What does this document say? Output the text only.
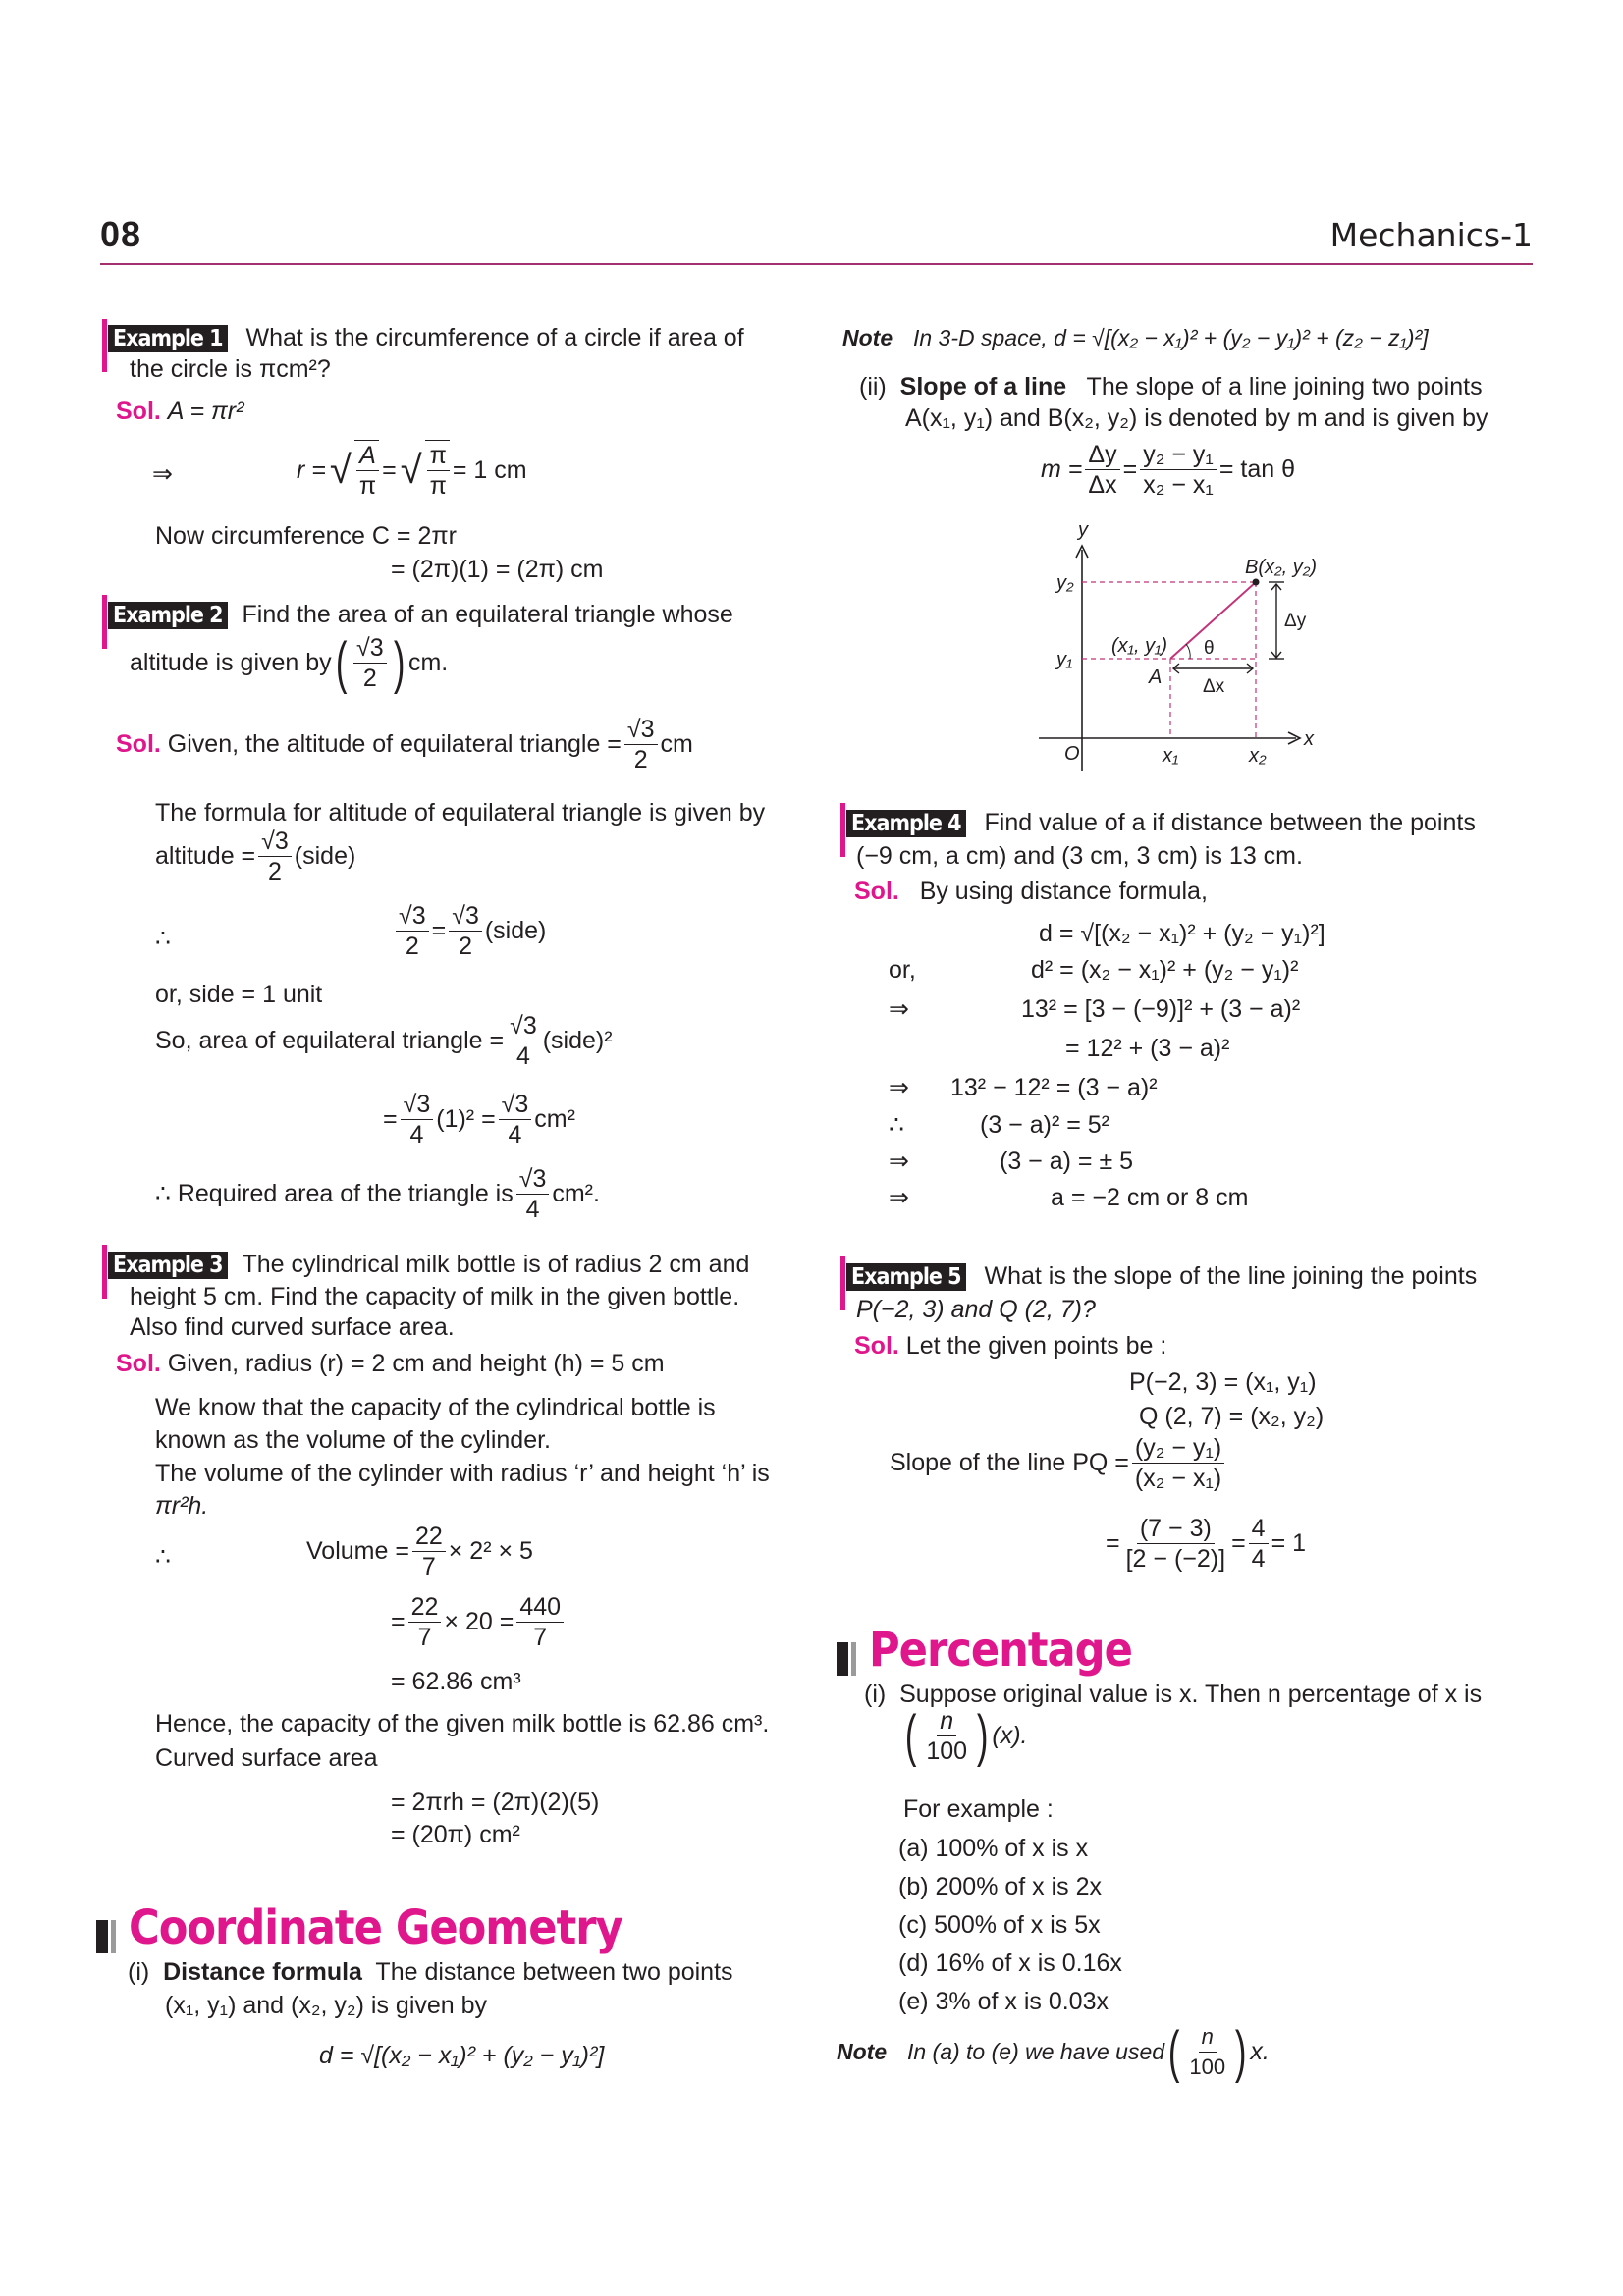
08	Mechanics-1
Example 1 What is the circumference of a circle if area of
the circle is πcm²?
Sol. A = πr²
⇒	r = √ $\frac{A}{\pi}$ = √ $\frac{\pi}{\pi} = 1$ cm
Now circumference C = 2πr
= (2π)(1) = (2π) cm
Example 2 Find the area of an equilateral triangle whose
altitude is given by ( $\frac{√3}{2}$ ) cm.
Sol.
Given, the altitude of equilateral triangle = $\frac{√3}{2}$ cm
The formula for altitude of equilateral triangle is given by
altitude = $\frac{√3}{2}$ (side)
∴	$\frac{√3}{2} = \frac{√3}{2}$ (side)
or, side = 1 unit
So, area of equilateral triangle = $\frac{√3}{4}$ (side)²
= $\frac{√3}{4} (1)^2 = \frac{√3}{4} cm^2$
∴ Required area of the triangle is $\frac{√3}{4} cm^2$.
Example 3 The cylindrical milk bottle is of radius 2 cm and
height 5 cm. Find the capacity of milk in the given bottle.
Also find curved surface area.
Sol. Given, radius (r) = 2 cm and height (h) = 5 cm
We know that the capacity of the cylindrical bottle is
known as the volume of the cylinder.
The volume of the cylinder with radius ‘r’ and height ‘h’ is
πr²h.
∴	Volume = $\frac{22}{7} \times 2^2 \times 5$
= $\frac{22}{7} \times 20 = \frac{440}{7}$
= 62.86 cm³
Hence, the capacity of the given milk bottle is 62.86 cm³.
Curved surface area
= 2πrh = (2π)(2)(5)
= (20π) cm²
Coordinate Geometry
(i) Distance formula The distance between two points
(x₁, y₁) and (x₂, y₂) is given by
d = √[(x₂ − x₁)² + (y₂ − y₁)²]
Note In 3-D space, d = √[(x₂ − x₁)² + (y₂ − y₁)² + (z₂ − z₁)²]
(ii) Slope of a line The slope of a line joining two points
A(x₁, y₁) and B(x₂, y₂) is denoted by m and is given by
$m = \frac{\Delta y}{\Delta x} = \frac{\text{y₂ − y₁}}{\text{x₂ − x₁}} = \tan \theta$
y
x
O
y₂
y₁
x₁	x₂
B(x₂, y₂)
A
(x₁, y₁) θ
Δx
Δy
Example 4 Find value of a if distance between the points
(−9 cm, a cm) and (3 cm, 3 cm) is 13 cm.
Sol. By using distance formula,
d = √[(x₂ − x₁)² + (y₂ − y₁)²]
or,	d² = (x₂ − x₁)² + (y₂ − y₁)²
⇒	13² = [3 − (−9)]² + (3 − a)²
= 12² + (3 − a)²
⇒ 13² − 12² = (3 − a)²
∴	(3 − a)² = 5²
⇒	(3 − a) = ± 5
⇒	a = −2 cm or 8 cm
Example 5 What is the slope of the line joining the points
P(−2, 3) and Q (2, 7)?
Sol. Let the given points be :
P(−2, 3) = (x₁, y₁)
Q (2, 7) = (x₂, y₂)
Slope of the line PQ = $\frac{\text{(y₂ − y₁)}}{\text{(x₂ − x₁)}}$
= $\frac{(7 - 3)}{[2 - (-2)]} = \frac{4}{4} = 1$
Percentage
(i) Suppose original value is x. Then n percentage of x is
( $\frac{n}{100}$ ) (x).
For example :
(a) 100% of x is x
(b) 200% of x is 2x
(c) 500% of x is 5x
(d) 16% of x is 0.16x
(e) 3% of x is 0.03x
Note
In (a) to (e) we have used ( $\frac{n}{100}$ ) x.
